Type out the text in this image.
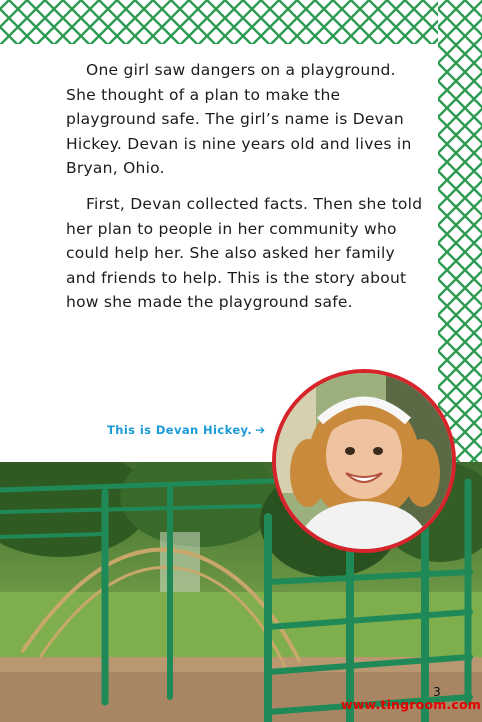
One girl saw dangers on a playground. She thought of a plan to make the playground safe. The girl’s name is Devan Hickey. Devan is nine years old and lives in Bryan, Ohio.

First, Devan collected facts. Then she told her plan to people in her community who could help her. She also asked her family and friends to help. This is the story about how she made the playground safe.

This is Devan Hickey. ➔
3
www.tingroom.com
